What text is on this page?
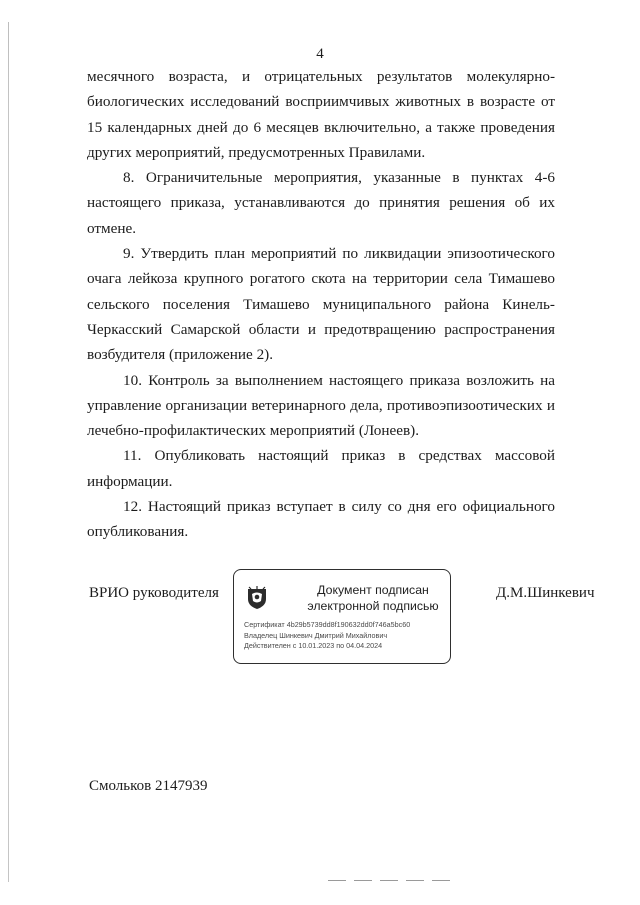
4

месячного возраста, и отрицательных результатов молекулярно-биологических исследований восприимчивых животных в возрасте от 15 календарных дней до 6 месяцев включительно, а также проведения других мероприятий, предусмотренных Правилами.

8. Ограничительные мероприятия, указанные в пунктах 4-6 настоящего приказа, устанавливаются до принятия решения об их отмене.

9. Утвердить план мероприятий по ликвидации эпизоотического очага лейкоза крупного рогатого скота на территории села Тимашево сельского поселения Тимашево муниципального района Кинель-Черкасский Самарской области и предотвращению распространения возбудителя (приложение 2).

10. Контроль за выполнением настоящего приказа возложить на управление организации ветеринарного дела, противоэпизоотических и лечебно-профилактических мероприятий (Лонеев).

11. Опубликовать настоящий приказ в средствах массовой информации.

12. Настоящий приказ вступает в силу со дня его официального опубликования.

ВРИО руководителя	Документ подписан
электронной подписью
Сертификат 4b29b5739dd8f190632dd0f746a5bc60
Владелец Шинкевич Дмитрий Михайлович
Действителен с 10.01.2023 по 04.04.2024
Д.М.Шинкевич
Смольков 2147939
